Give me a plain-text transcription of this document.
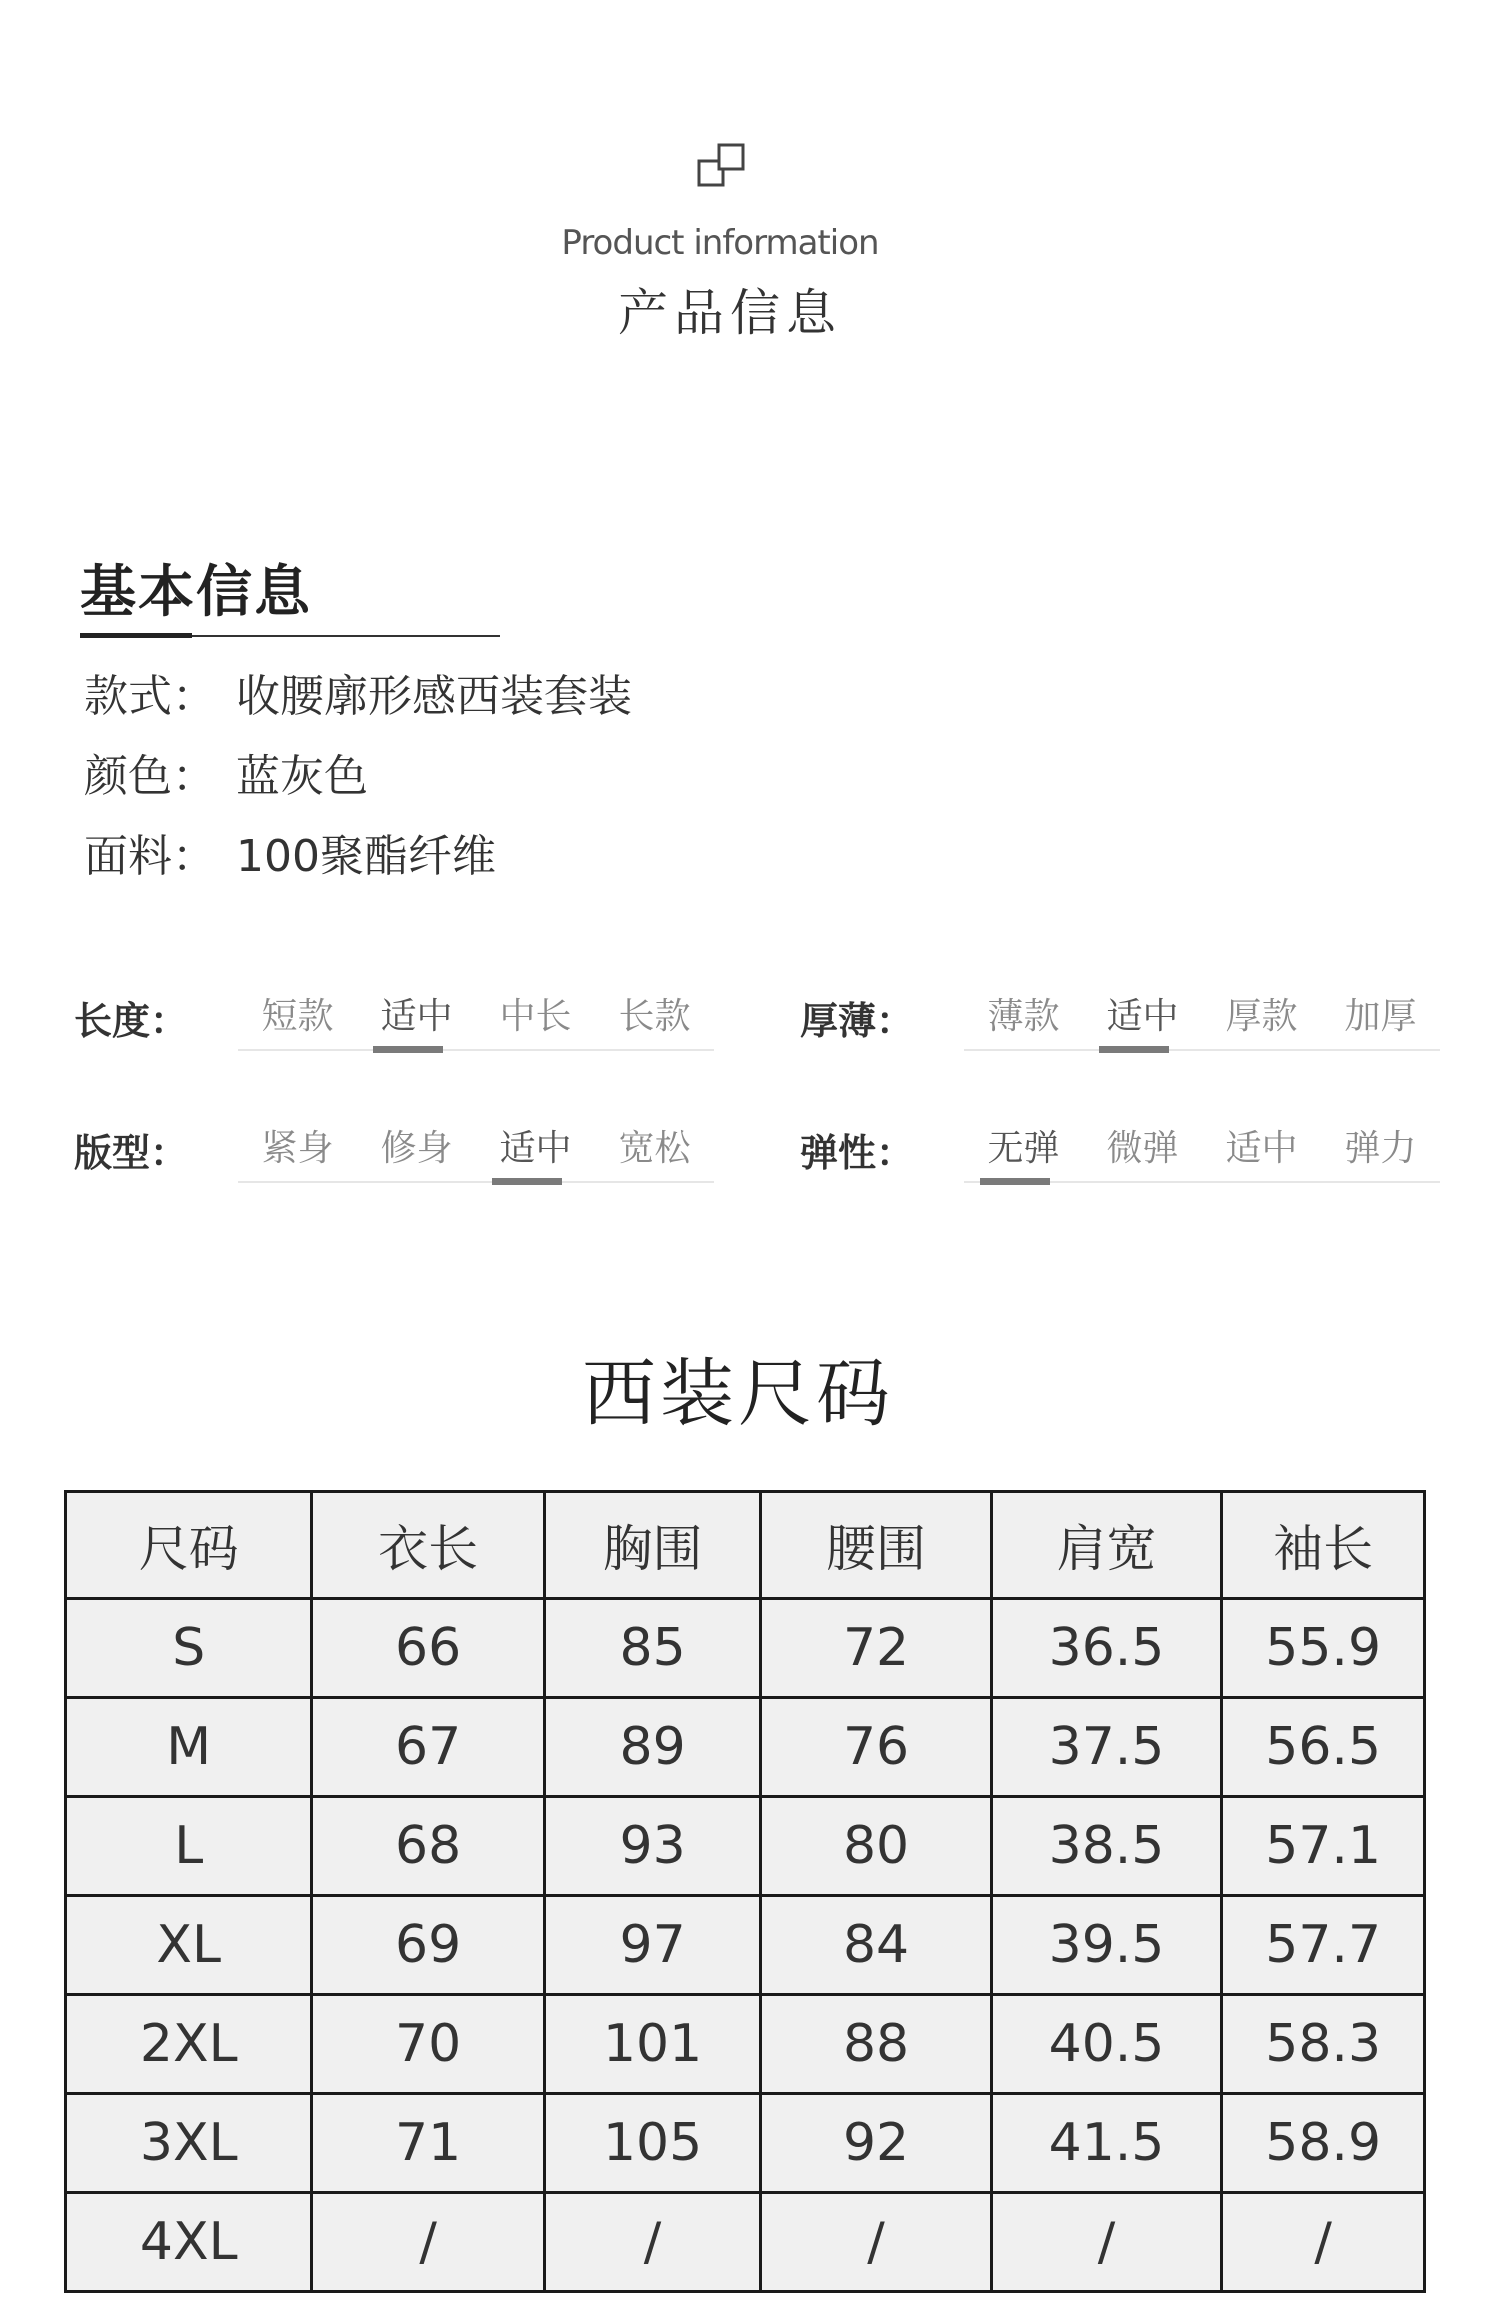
Product information
产品信息
基本信息
款式： 收腰廓形感西装套装
颜色： 蓝灰色
面料： 100聚酯纤维
长度：	短款	适中	中长	长款	厚薄：	薄款	适中	厚款	加厚
版型：	紧身	修身	适中	宽松	弹性：	无弹	微弹	适中	弹力
西装尺码
尺码	衣长	胸围	腰围	肩宽	袖长
S	66	85	72	36.5	55.9
M	67	89	76	37.5	56.5
L	68	93	80	38.5	57.1
XL	69	97	84	39.5	57.7
2XL	70	101	88	40.5	58.3
3XL	71	105	92	41.5	58.9
4XL	/	/	/	/	/
